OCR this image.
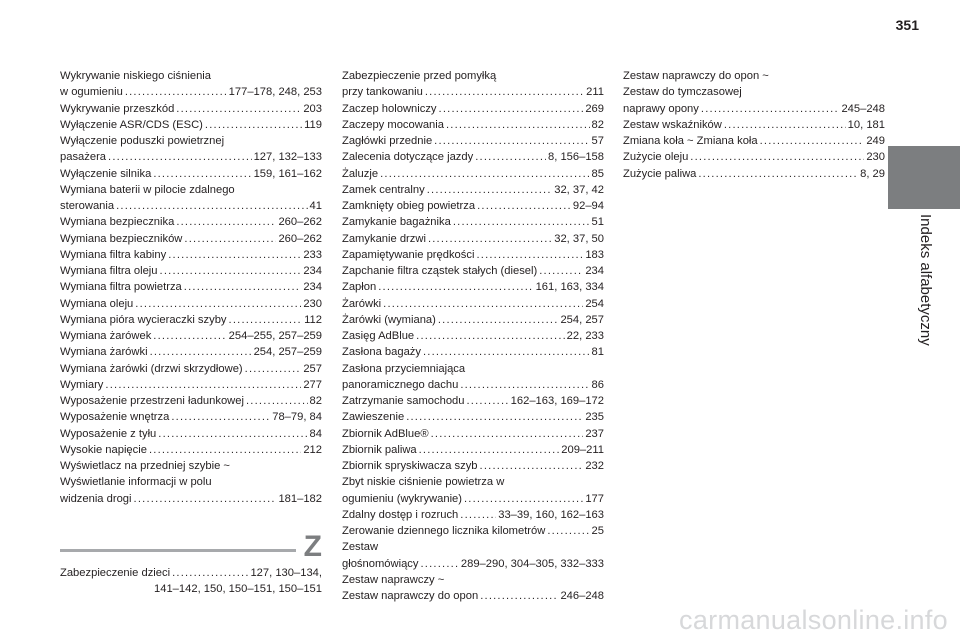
351
Indeks alfabetyczny
Wykrywanie niskiego ciśnienia
w ogumieniu .....	177–178, 248, 253
Wykrywanie przeszkód .....	203
Wyłączenie ASR/CDS (ESC) .....	119
Wyłączenie poduszki powietrznej
pasażera .....	127, 132–133
Wyłączenie silnika .....	159, 161–162
Wymiana baterii w pilocie zdalnego
sterowania .....	41
Wymiana bezpiecznika .....	260–262
Wymiana bezpieczników .....	260–262
Wymiana filtra kabiny .....	233
Wymiana filtra oleju .....	234
Wymiana filtra powietrza .....	234
Wymiana oleju .....	230
Wymiana pióra wycieraczki szyby .....	112
Wymiana żarówek .....	254–255, 257–259
Wymiana żarówki .....	254, 257–259
Wymiana żarówki (drzwi skrzydłowe) .....	257
Wymiary .....	277
Wyposażenie przestrzeni ładunkowej .....	82
Wyposażenie wnętrza .....	78–79, 84
Wyposażenie z tyłu .....	84
Wysokie napięcie .....	212
Wyświetlacz na przedniej szybie ~
Wyświetlanie informacji w polu
widzenia drogi .....	181–182
Zabezpieczenie przed pomyłką
przy tankowaniu .....	211
Zaczep holowniczy .....	269
Zaczepy mocowania .....	82
Zagłówki przednie .....	57
Zalecenia dotyczące jazdy .....	8, 156–158
Żaluzje .....	85
Zamek centralny .....	32, 37, 42
Zamknięty obieg powietrza .....	92–94
Zamykanie bagażnika .....	51
Zamykanie drzwi .....	32, 37, 50
Zapamiętywanie prędkości .....	183
Zapchanie filtra cząstek stałych (diesel) .....	234
Zapłon .....	161, 163, 334
Żarówki .....	254
Żarówki (wymiana) .....	254, 257
Zasięg AdBlue .....	22, 233
Zasłona bagaży .....	81
Zasłona przyciemniająca
panoramicznego dachu .....	86
Zatrzymanie samochodu .....	162–163, 169–172
Zawieszenie .....	235
Zbiornik AdBlue® .....	237
Zbiornik paliwa .....	209–211
Zbiornik spryskiwacza szyb .....	232
Zbyt niskie ciśnienie powietrza w
ogumieniu (wykrywanie) .....	177
Zdalny dostęp i rozruch .....	33–39, 160, 162–163
Zerowanie dziennego licznika kilometrów .....	25
Zestaw
głośnomówiący .....	289–290, 304–305, 332–333
Zestaw naprawczy ~
Zestaw naprawczy do opon .....	246–248
Zestaw naprawczy do opon ~
Zestaw do tymczasowej
naprawy opony .....	245–248
Zestaw wskaźników .....	10, 181
Zmiana koła ~ Zmiana koła .....	249
Zużycie oleju .....	230
Zużycie paliwa .....	8, 29
Z
Zabezpieczenie dzieci .....	127, 130–134,
141–142, 150, 150–151, 150–151
carmanualsonline.info
